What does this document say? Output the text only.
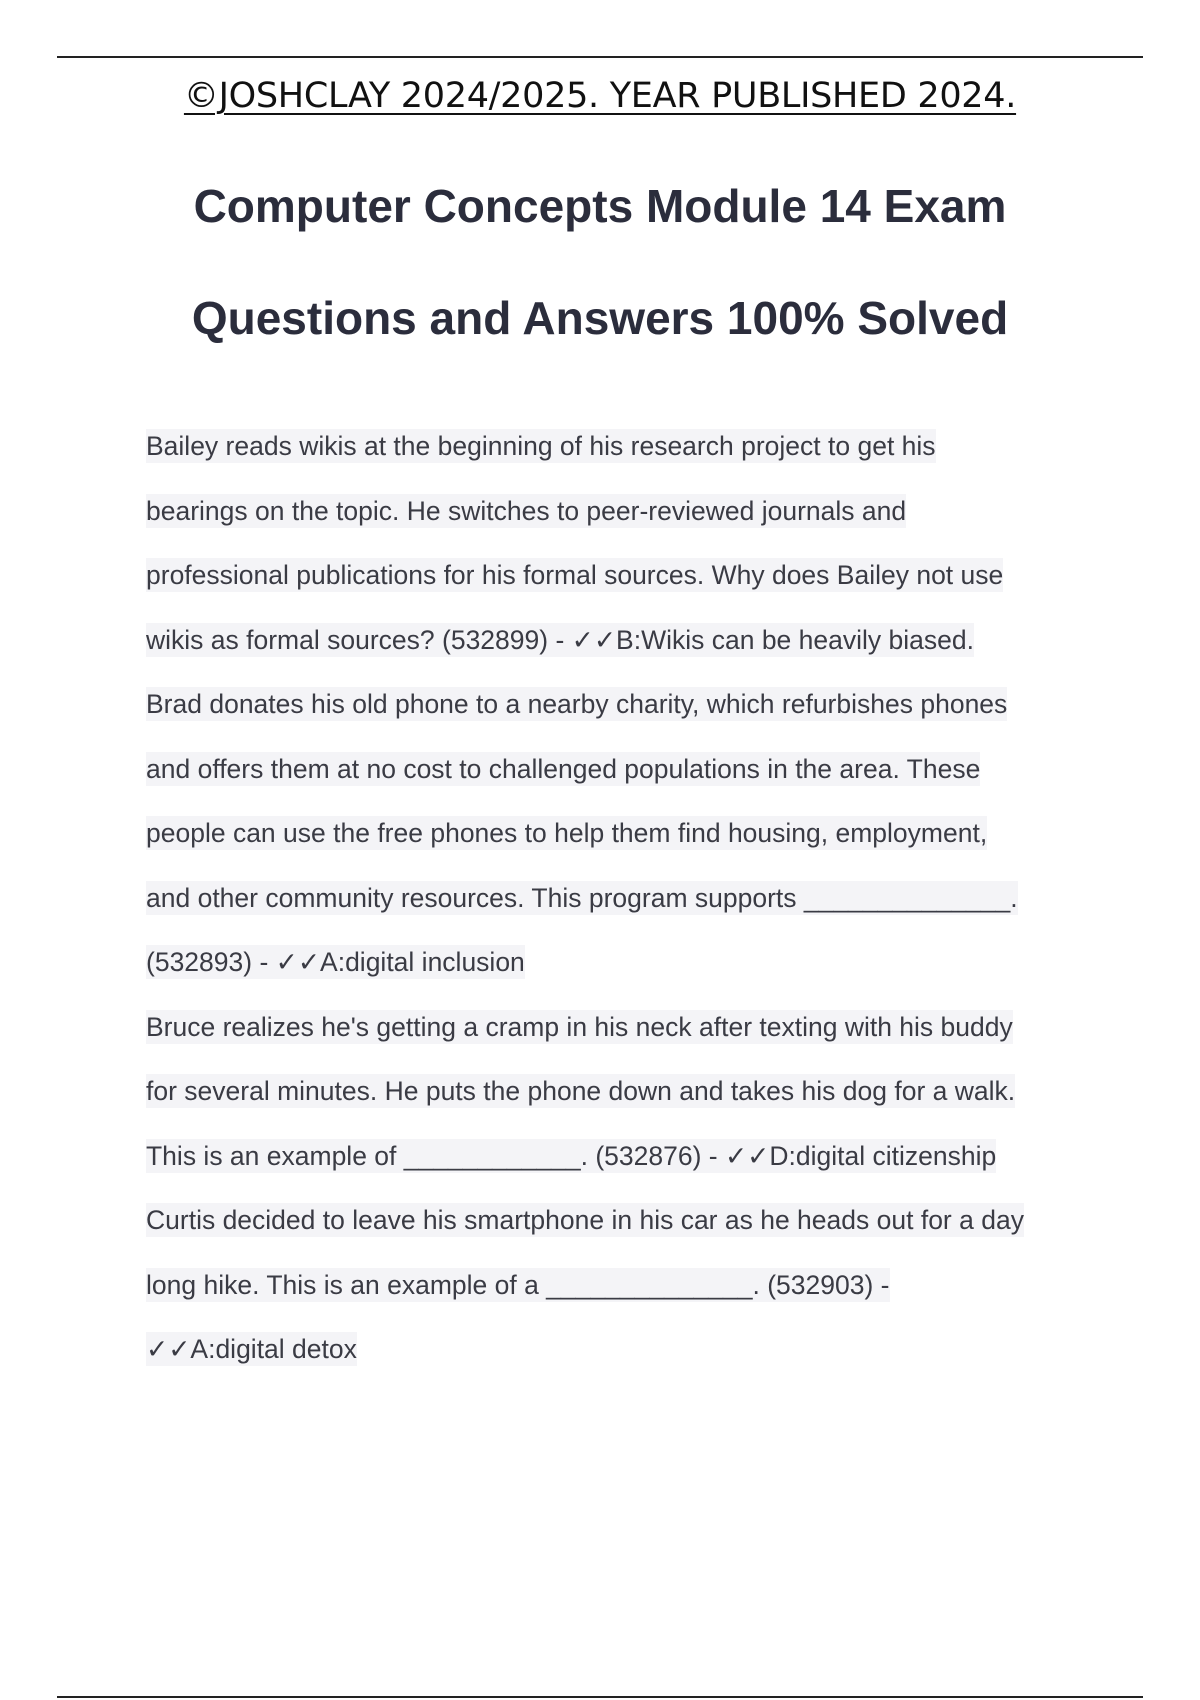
©JOSHCLAY 2024/2025. YEAR PUBLISHED 2024.
Computer Concepts Module 14 Exam
Questions and Answers 100% Solved
Bailey reads wikis at the beginning of his research project to get his
bearings on the topic. He switches to peer-reviewed journals and
professional publications for his formal sources. Why does Bailey not use
wikis as formal sources? (532899) - ✓✓B:Wikis can be heavily biased.
Brad donates his old phone to a nearby charity, which refurbishes phones
and offers them at no cost to challenged populations in the area. These
people can use the free phones to help them find housing, employment,
and other community resources. This program supports ______________.
(532893) - ✓✓A:digital inclusion
Bruce realizes he's getting a cramp in his neck after texting with his buddy
for several minutes. He puts the phone down and takes his dog for a walk.
This is an example of ____________. (532876) - ✓✓D:digital citizenship
Curtis decided to leave his smartphone in his car as he heads out for a day
long hike. This is an example of a ______________. (532903) -
✓✓A:digital detox
